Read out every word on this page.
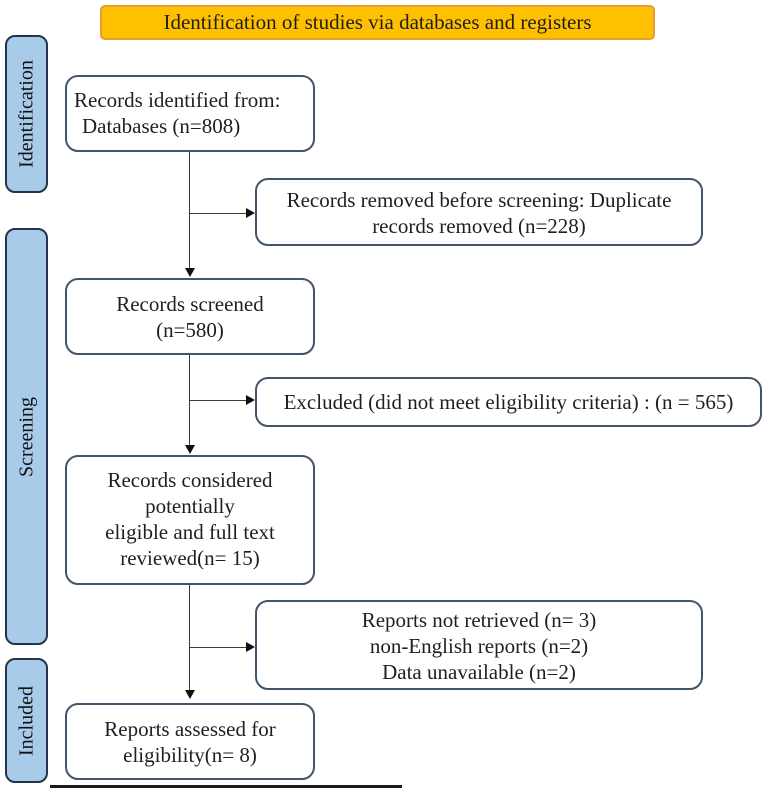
Identification of studies via databases and registers
Identification
Screening
Included
Records identified from:
Databases (n=808)
Records removed before screening: Duplicate
records removed (n=228)
Records screened
(n=580)
Excluded (did not meet eligibility criteria) : (n = 565)
Records considered
potentially
eligible and full text
reviewed(n= 15)
Reports not retrieved (n= 3)
non-English reports (n=2)
Data unavailable (n=2)
Reports assessed for
eligibility(n= 8)
